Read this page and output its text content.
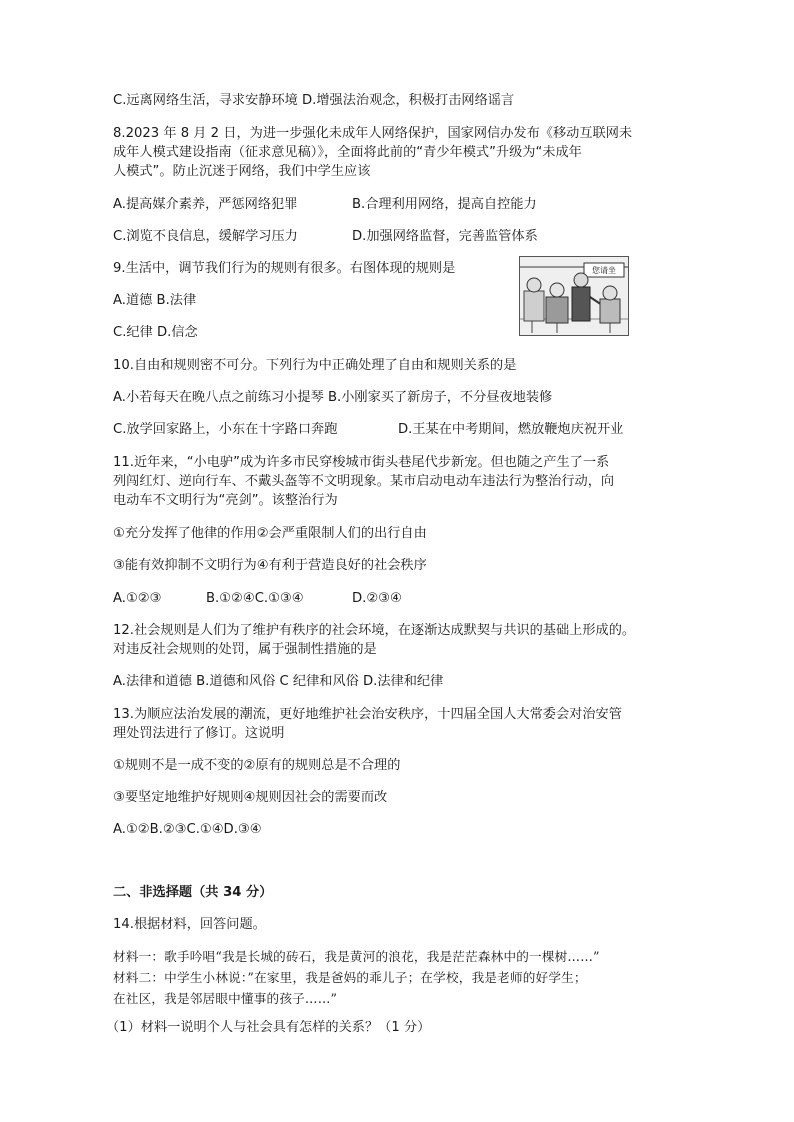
C.远离网络生活，寻求安静环境 D.增强法治观念，积极打击网络谣言
8.2023 年 8 月 2 日，为进一步强化未成年人网络保护，国家网信办发布《移动互联网未
成年人模式建设指南（征求意见稿）》，全面将此前的“青少年模式”升级为“未成年
人模式”。防止沉迷于网络，我们中学生应该
A.提高媒介素养，严惩网络犯罪	B.合理利用网络，提高自控能力
C.浏览不良信息，缓解学习压力	D.加强网络监督，完善监管体系
9.生活中，调节我们行为的规则有很多。右图体现的规则是
A.道德 B.法律
C.纪律 D.信念
您请坐
10.自由和规则密不可分。下列行为中正确处理了自由和规则关系的是
A.小若每天在晚八点之前练习小提琴 B.小刚家买了新房子，不分昼夜地装修
C.放学回家路上，小东在十字路口奔跑	D.王某在中考期间，燃放鞭炮庆祝开业
11.近年来，“小电驴”成为许多市民穿梭城市街头巷尾代步新宠。但也随之产生了一系
列闯红灯、逆向行车、不戴头盔等不文明现象。某市启动电动车违法行为整治行动，向
电动车不文明行为“亮剑”。该整治行为
①充分发挥了他律的作用②会严重限制人们的出行自由
③能有效抑制不文明行为④有利于营造良好的社会秩序
A.①②③	B.①②④C.①③④	D.②③④
12.社会规则是人们为了维护有秩序的社会环境，在逐渐达成默契与共识的基础上形成的。
对违反社会规则的处罚，属于强制性措施的是
A.法律和道德 B.道德和风俗 C 纪律和风俗 D.法律和纪律
13.为顺应法治发展的潮流，更好地维护社会治安秩序，十四届全国人大常委会对治安管
理处罚法进行了修订。这说明
①规则不是一成不变的②原有的规则总是不合理的
③要坚定地维护好规则④规则因社会的需要而改
A.①②B.②③C.①④D.③④
二、非选择题（共 34 分）
14.根据材料，回答问题。
材料一：歌手吟唱“我是长城的砖石，我是黄河的浪花，我是茫茫森林中的一棵树……”
材料二：中学生小林说：”在家里，我是爸妈的乖儿子；在学校，我是老师的好学生；
在社区，我是邻居眼中懂事的孩子……”
（1）材料一说明个人与社会具有怎样的关系？（1 分）
